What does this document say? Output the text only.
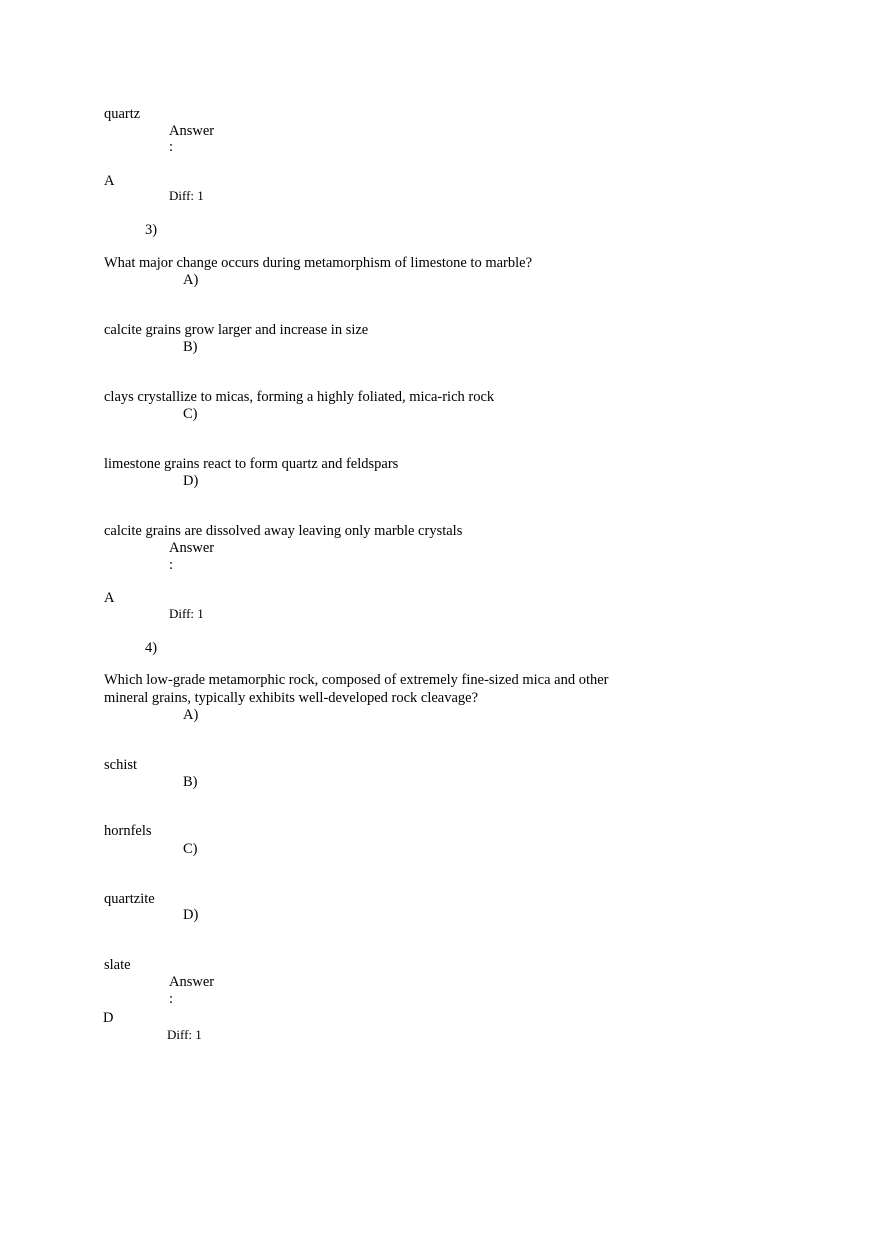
quartz
Answer
:
A
Diff: 1
3)
What major change occurs during metamorphism of limestone to marble?
A)
calcite grains grow larger and increase in size
B)
clays crystallize to micas, forming a highly foliated, mica-rich rock
C)
limestone grains react to form quartz and feldspars
D)
calcite grains are dissolved away leaving only marble crystals
Answer
:
A
Diff: 1
4)
Which low-grade metamorphic rock, composed of extremely fine-sized mica and other mineral grains, typically exhibits well-developed rock cleavage?
A)
schist
B)
hornfels
C)
quartzite
D)
slate
Answer
:
D
Diff: 1
